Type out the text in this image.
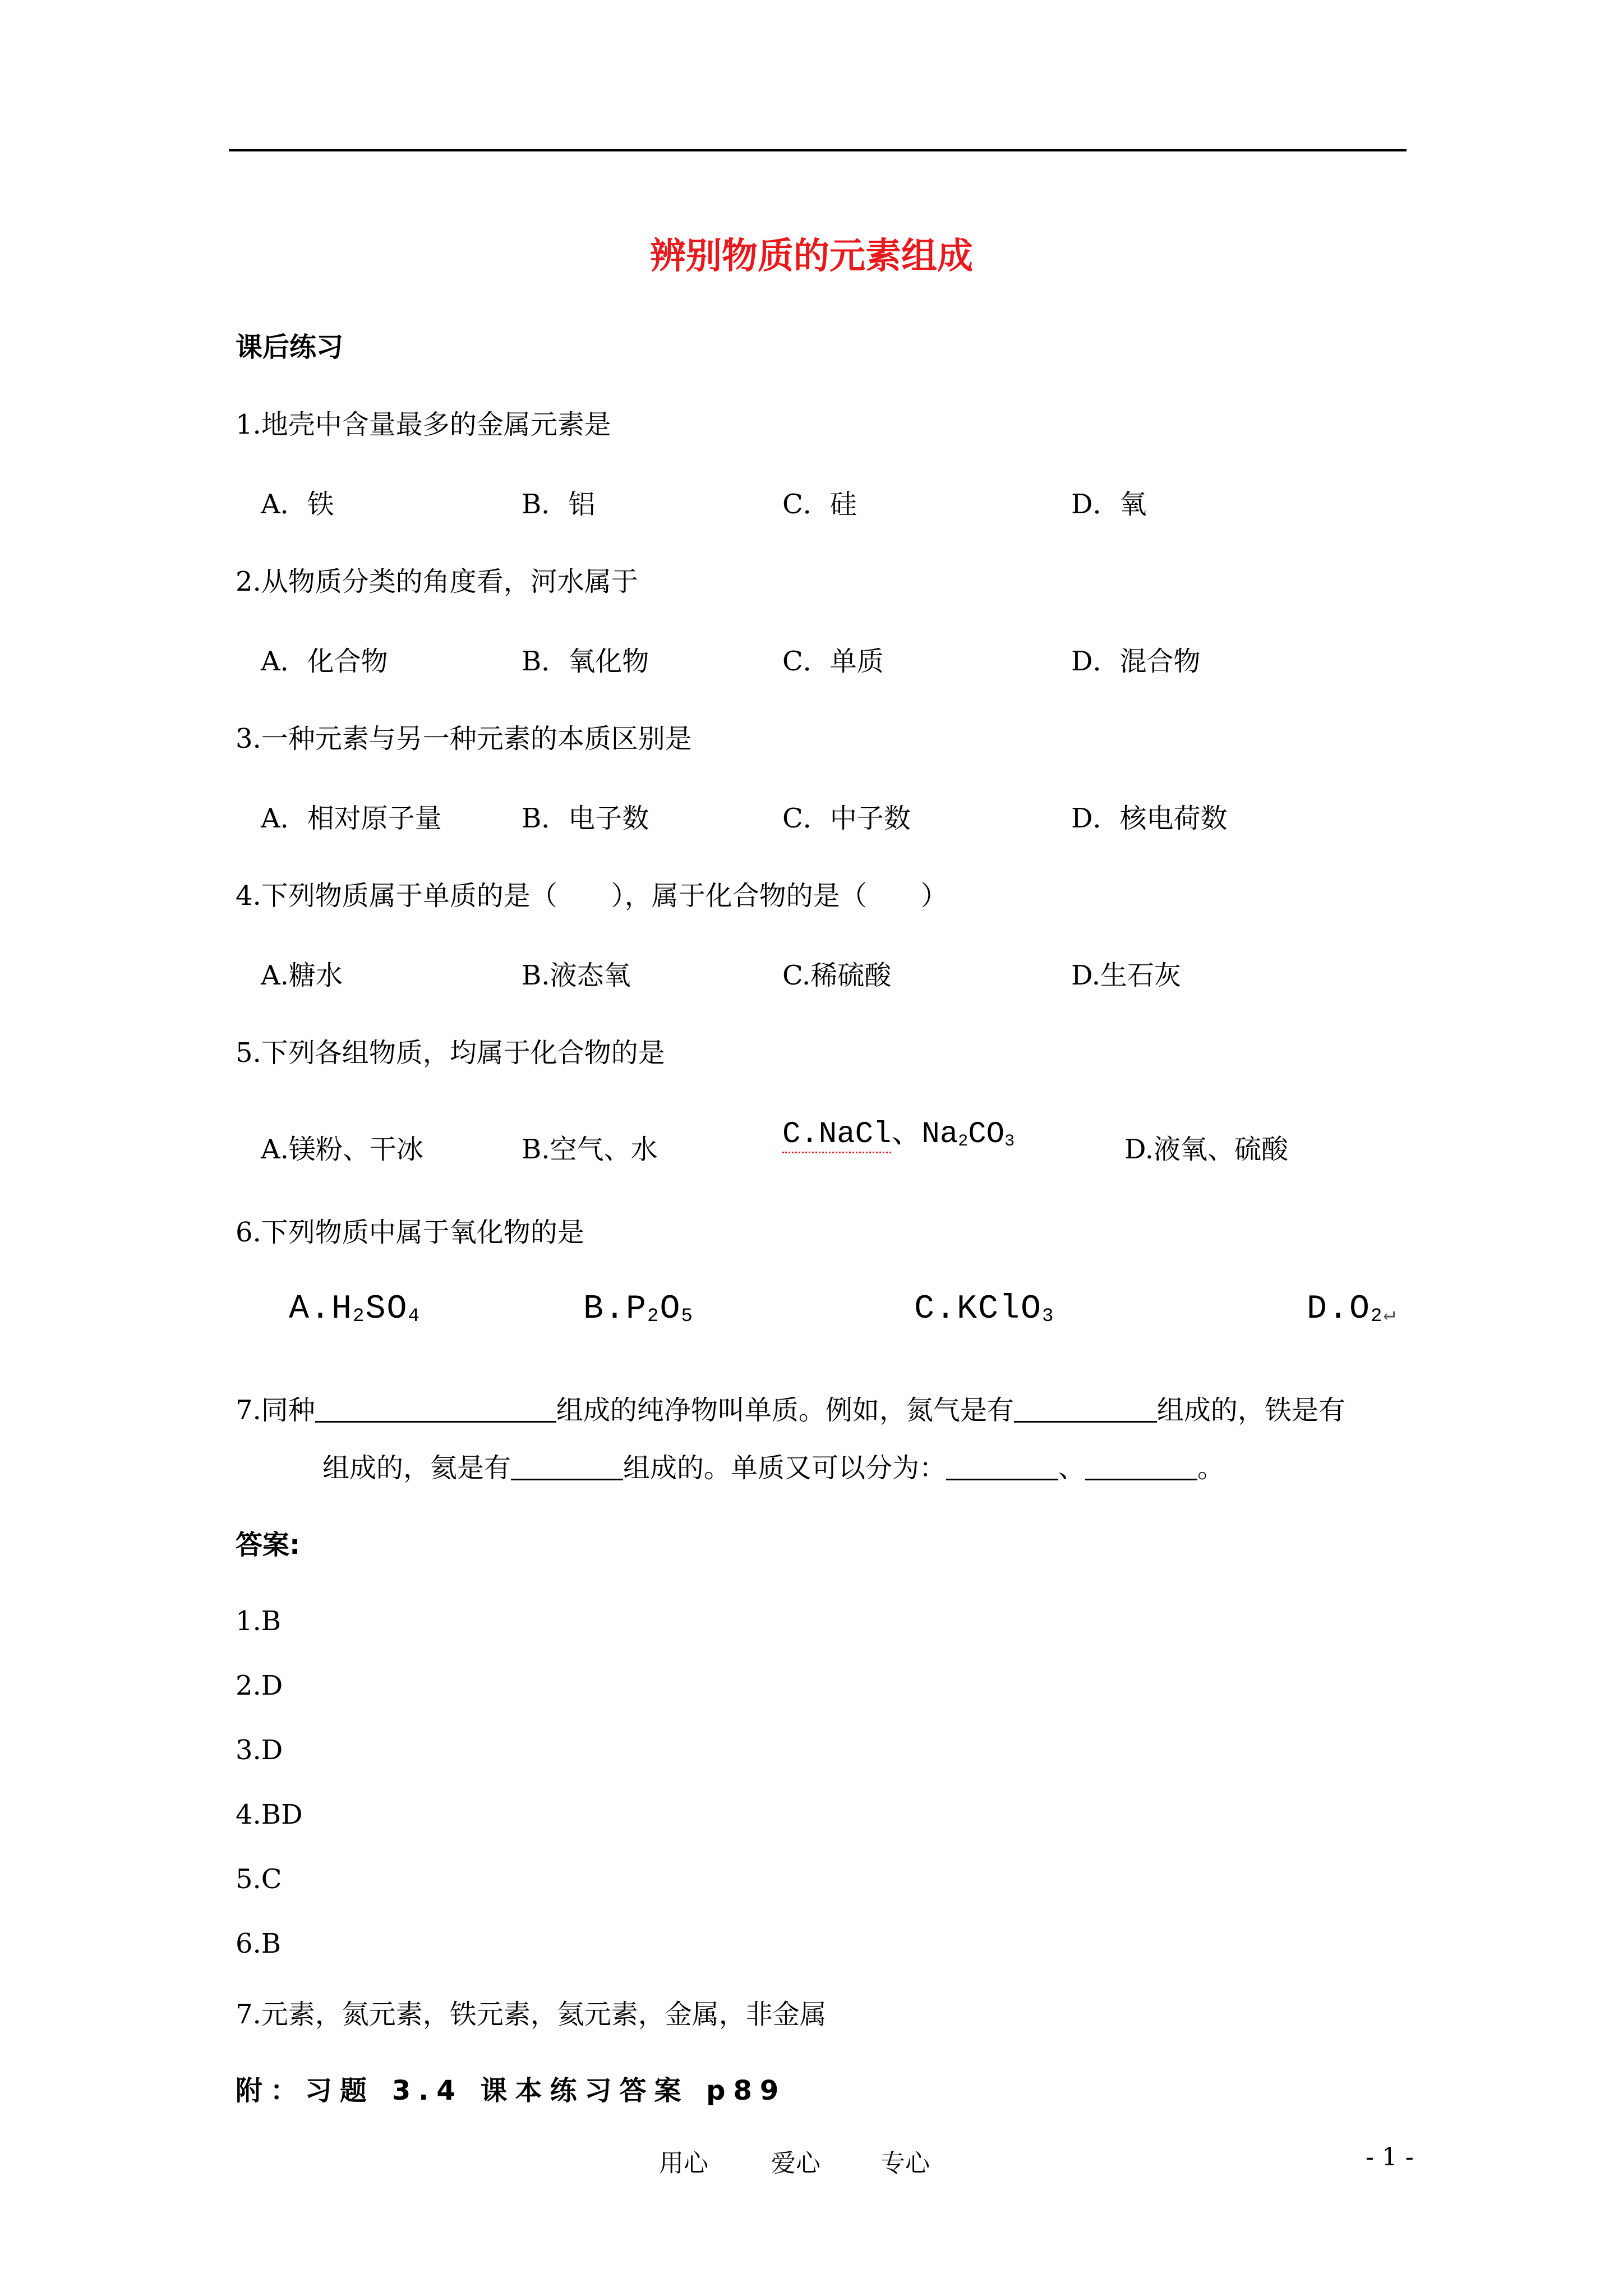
辨别物质的元素组成
课后练习
1.地壳中含量最多的金属元素是
A．铁	B．铝	C．硅	D．氧
2.从物质分类的角度看，河水属于
A．化合物	B．氧化物	C．单质	D．混合物
3.一种元素与另一种元素的本质区别是
A．相对原子量	B．电子数	C．中子数	D．核电荷数
4.下列物质属于单质的是（　　），属于化合物的是（　　）
A.糖水	B.液态氧	C.稀硫酸	D.生石灰
5.下列各组物质，均属于化合物的是
A.镁粉、干冰	B.空气、水	C.NaCl、$Na_2CO_3$	D.液氧、硫酸
6.下列物质中属于氧化物的是
$A.H_2SO_4$	$B.P_2O_5$	C.KClO$_3$	$D.O_2↵$
7.同种	组成的纯净物叫单质。例如，氮气是有	组成的，铁是有
组成的，氦是有	组成的。单质又可以分为：	、	。
答案:
1.B
2.D
3.D
4.BD
5.C
6.B
7.元素，氮元素，铁元素，氦元素，金属，非金属
附：习题 3.4 课本练习答案 p89
用心	爱心 专心	- 1 -
